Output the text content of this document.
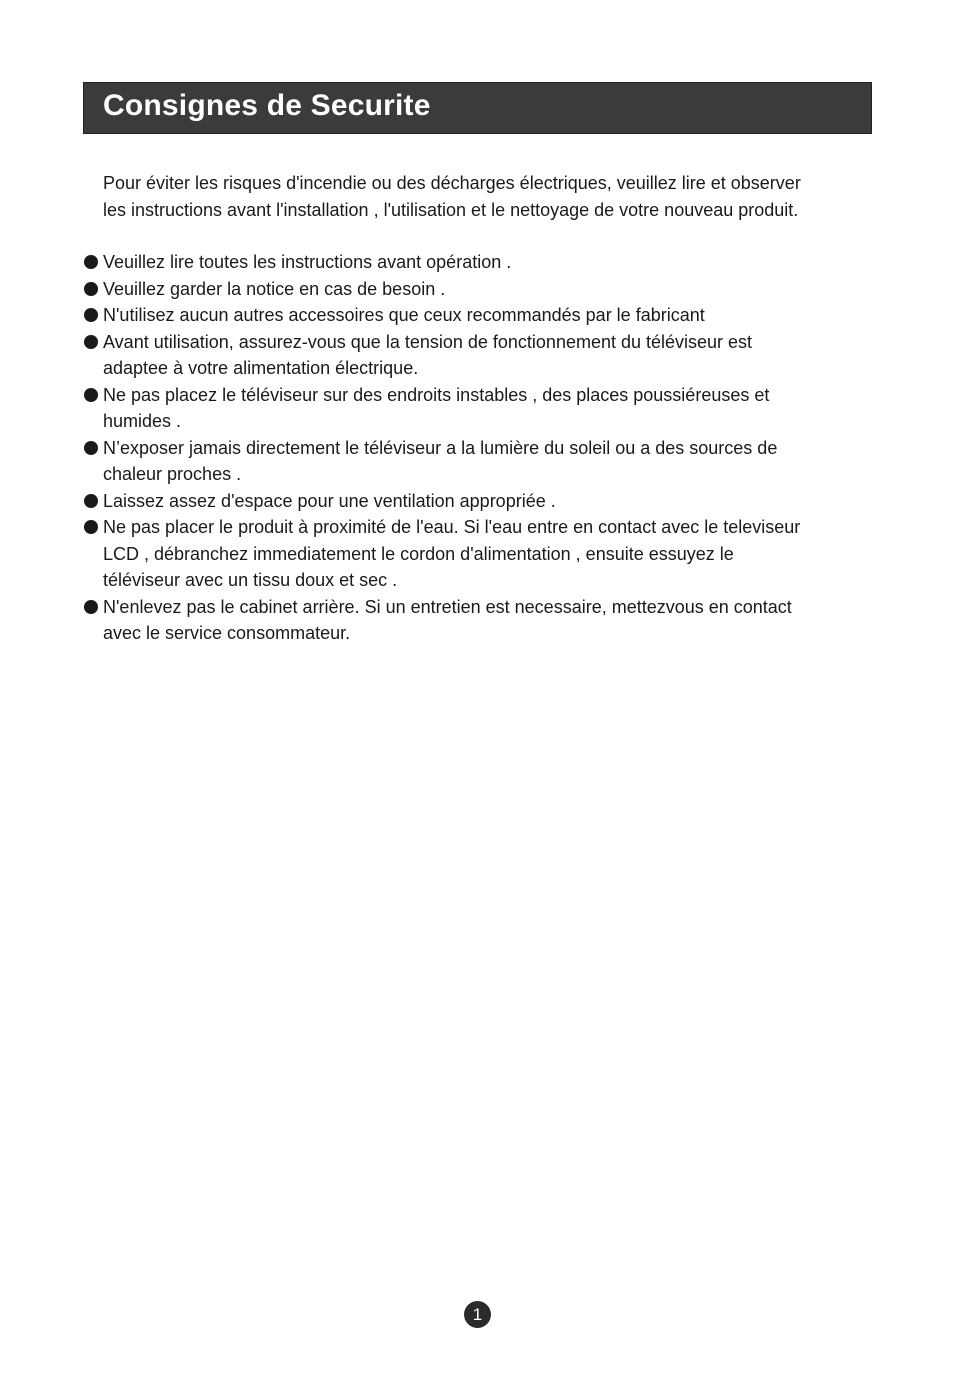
Consignes de Securite

Pour éviter les risques d'incendie ou des décharges électriques, veuillez lire et observer

les instructions avant l'installation , l'utilisation et le nettoyage de votre nouveau produit.

Veuillez lire toutes les instructions avant opération .
Veuillez garder la notice en cas de besoin .
N'utilisez aucun autres accessoires que ceux recommandés par le fabricant
Avant utilisation, assurez-vous que la tension de fonctionnement du téléviseur est
adaptee à votre alimentation électrique.
Ne pas placez le téléviseur sur des endroits instables , des places poussiéreuses et
humides .
N’exposer jamais directement le téléviseur a la lumière du soleil ou a des sources de
chaleur proches .
Laissez assez d'espace pour une ventilation appropriée .
Ne pas placer le produit à proximité de l'eau. Si l'eau entre en contact avec le televiseur
LCD , débranchez immediatement le cordon d'alimentation , ensuite essuyez le
téléviseur avec un tissu doux et sec .
N'enlevez pas le cabinet arrière. Si un entretien est necessaire, mettezvous en contact
avec le service consommateur.
1
